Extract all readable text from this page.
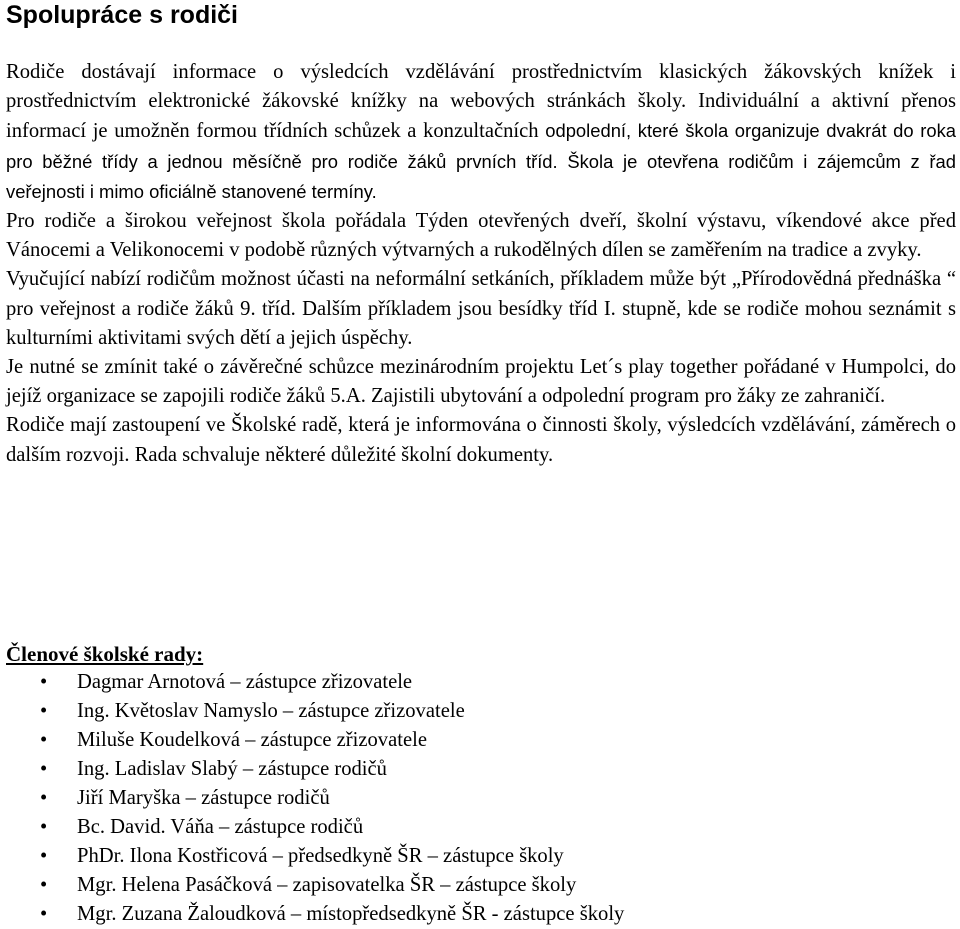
Spolupráce s rodiči

Rodiče dostávají informace o výsledcích vzdělávání prostřednictvím klasických žákovských knížek i prostřednictvím elektronické žákovské knížky na webových stránkách školy. Individuální a aktivní přenos informací je umožněn formou třídních schůzek a konzultačních odpolední, které škola organizuje dvakrát do roka pro běžné třídy a jednou měsíčně pro rodiče žáků prvních tříd. Škola je otevřena rodičům i zájemcům z řad veřejnosti i mimo oficiálně stanovené termíny.

Pro rodiče a širokou veřejnost škola pořádala Týden otevřených dveří, školní výstavu, víkendové akce před Vánocemi a Velikonocemi v podobě různých výtvarných a rukodělných dílen se zaměřením na tradice a zvyky.

Vyučující nabízí rodičům možnost účasti na neformální setkáních, příkladem může být „Přírodovědná přednáška “ pro veřejnost a rodiče žáků 9. tříd. Dalším příkladem jsou besídky tříd I. stupně, kde se rodiče mohou seznámit s kulturními aktivitami svých dětí a jejich úspěchy.

Je nutné se zmínit také o závěrečné schůzce mezinárodním projektu Let´s play together pořádané v Humpolci, do jejíž organizace se zapojili rodiče žáků 5.A. Zajistili ubytování a odpolední program pro žáky ze zahraničí.

Rodiče mají zastoupení ve Školské radě, která je informována o činnosti školy, výsledcích vzdělávání, záměrech o dalším rozvoji. Rada schvaluje některé důležité školní dokumenty.

Členové školské rady:
• Dagmar Arnotová – zástupce zřizovatele
• Ing. Květoslav Namyslo – zástupce zřizovatele
• Miluše Koudelková – zástupce zřizovatele
• Ing. Ladislav Slabý – zástupce rodičů
• Jiří Maryška – zástupce rodičů
• Bc. David. Váňa – zástupce rodičů
• PhDr. Ilona Kostřicová – předsedkyně ŠR – zástupce školy
• Mgr. Helena Pasáčková – zapisovatelka ŠR – zástupce školy
• Mgr. Zuzana Žaloudková – místopředsedkyně ŠR - zástupce školy
